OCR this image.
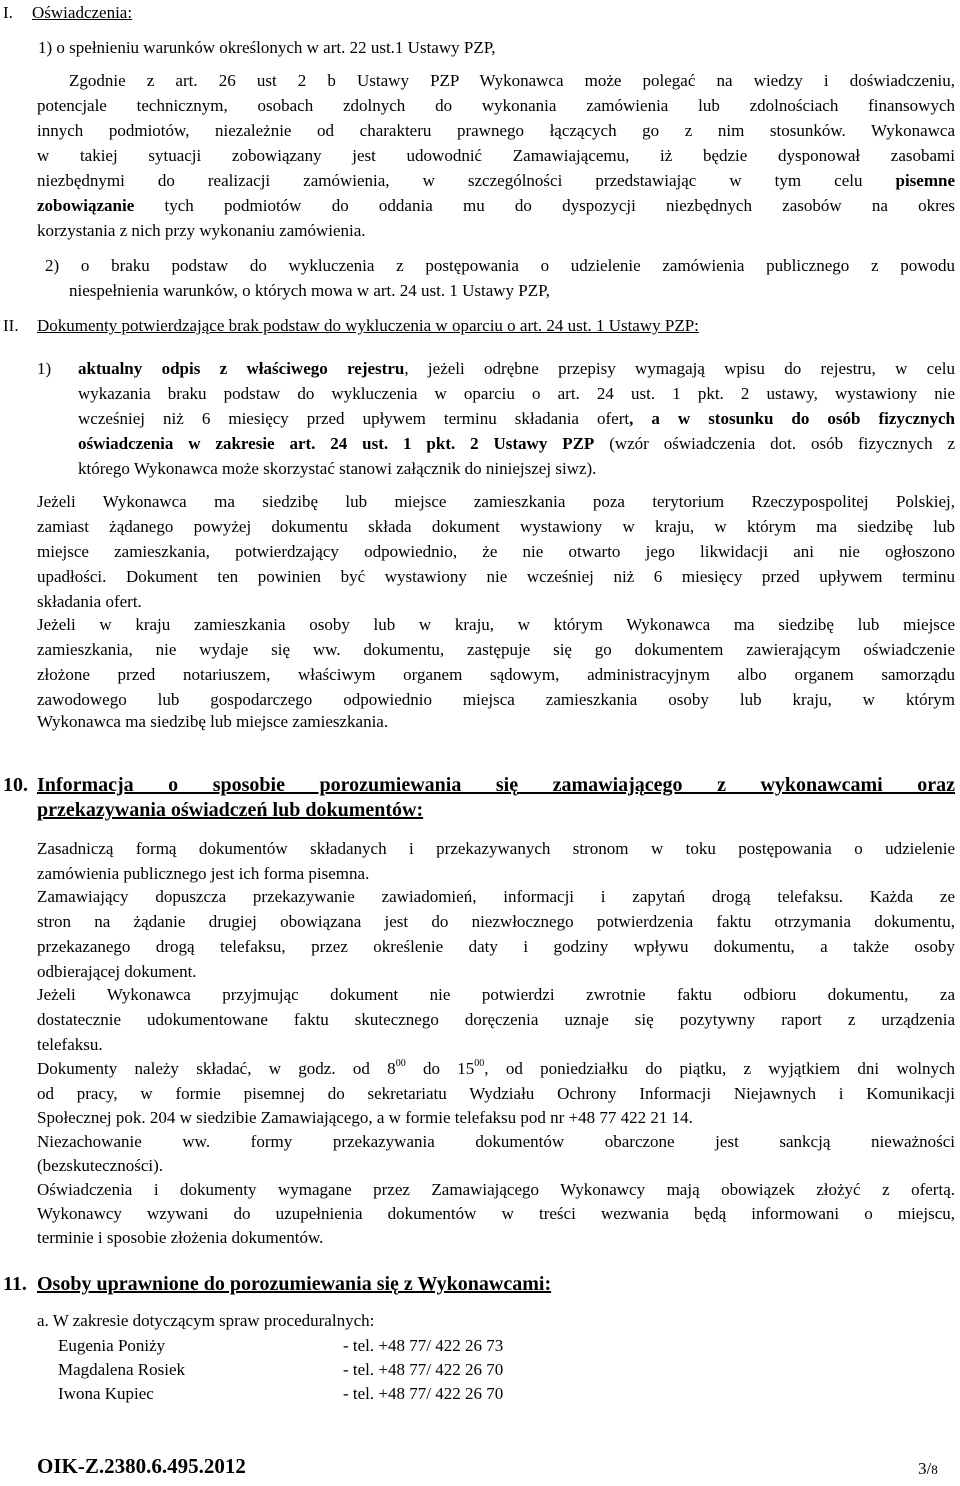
I. Oświadczenia:
1) o spełnieniu warunków określonych w art. 22 ust.1 Ustawy PZP,
Zgodnie z art. 26 ust 2 b Ustawy PZP Wykonawca może polegać na wiedzy i doświadczeniu,
potencjale technicznym, osobach zdolnych do wykonania zamówienia lub zdolnościach finansowych
innych podmiotów, niezależnie od charakteru prawnego łączących go z nim stosunków. Wykonawca
w takiej sytuacji zobowiązany jest udowodnić Zamawiającemu, iż będzie dysponował zasobami
niezbędnymi do realizacji zamówienia, w szczególności przedstawiając w tym celu pisemne
zobowiązanie tych podmiotów do oddania mu do dyspozycji niezbędnych zasobów na okres
korzystania z nich przy wykonaniu zamówienia.
2) o braku podstaw do wykluczenia z postępowania o udzielenie zamówienia publicznego z powodu
niespełnienia warunków, o których mowa w art. 24 ust. 1 Ustawy PZP,
II. Dokumenty potwierdzające brak podstaw do wykluczenia w oparciu o art. 24 ust. 1 Ustawy PZP:
1) aktualny odpis z właściwego rejestru, jeżeli odrębne przepisy wymagają wpisu do rejestru, w celu
wykazania braku podstaw do wykluczenia w oparciu o art. 24 ust. 1 pkt. 2 ustawy, wystawiony nie
wcześniej niż 6 miesięcy przed upływem terminu składania ofert, a w stosunku do osób fizycznych
oświadczenia w zakresie art. 24 ust. 1 pkt. 2 Ustawy PZP (wzór oświadczenia dot. osób fizycznych z
którego Wykonawca może skorzystać stanowi załącznik do niniejszej siwz).
Jeżeli Wykonawca ma siedzibę lub miejsce zamieszkania poza terytorium Rzeczypospolitej Polskiej,
zamiast żądanego powyżej dokumentu składa dokument wystawiony w kraju, w którym ma siedzibę lub
miejsce zamieszkania, potwierdzający odpowiednio, że nie otwarto jego likwidacji ani nie ogłoszono
upadłości. Dokument ten powinien być wystawiony nie wcześniej niż 6 miesięcy przed upływem terminu
składania ofert.
Jeżeli w kraju zamieszkania osoby lub w kraju, w którym Wykonawca ma siedzibę lub miejsce
zamieszkania, nie wydaje się ww. dokumentu, zastępuje się go dokumentem zawierającym oświadczenie
złożone przed notariuszem, właściwym organem sądowym, administracyjnym albo organem samorządu
zawodowego lub gospodarczego odpowiednio miejsca zamieszkania osoby lub kraju, w którym
Wykonawca ma siedzibę lub miejsce zamieszkania.
10. Informacja o sposobie porozumiewania się zamawiającego z wykonawcami oraz
przekazywania oświadczeń lub dokumentów:
Zasadniczą formą dokumentów składanych i przekazywanych stronom w toku postępowania o udzielenie
zamówienia publicznego jest ich forma pisemna.
Zamawiający dopuszcza przekazywanie zawiadomień, informacji i zapytań drogą telefaksu. Każda ze
stron na żądanie drugiej obowiązana jest do niezwłocznego potwierdzenia faktu otrzymania dokumentu,
przekazanego drogą telefaksu, przez określenie daty i godziny wpływu dokumentu, a także osoby
odbierającej dokument.
Jeżeli Wykonawca przyjmując dokument nie potwierdzi zwrotnie faktu odbioru dokumentu, za
dostatecznie udokumentowane faktu skutecznego doręczenia uznaje się pozytywny raport z urządzenia
telefaksu.
Dokumenty należy składać, w godz. od $8^{00}$ do $15^{00}$, od poniedziałku do piątku, z wyjątkiem dni wolnych
od pracy, w formie pisemnej do sekretariatu Wydziału Ochrony Informacji Niejawnych i Komunikacji
Społecznej pok. 204 w siedzibie Zamawiającego, a w formie telefaksu pod nr +48 77 422 21 14.
Niezachowanie ww. formy przekazywania dokumentów obarczone jest sankcją nieważności
(bezskuteczności).
Oświadczenia i dokumenty wymagane przez Zamawiającego Wykonawcy mają obowiązek złożyć z ofertą.
Wykonawcy wzywani do uzupełnienia dokumentów w treści wezwania będą informowani o miejscu,
terminie i sposobie złożenia dokumentów.
11. Osoby uprawnione do porozumiewania się z Wykonawcami:
a. W zakresie dotyczącym spraw proceduralnych:
Eugenia Poniży	- tel. +48 77/ 422 26 73
Magdalena Rosiek	- tel. +48 77/ 422 26 70
Iwona Kupiec	- tel. +48 77/ 422 26 70
OIK-Z.2380.6.495.2012	3/8
